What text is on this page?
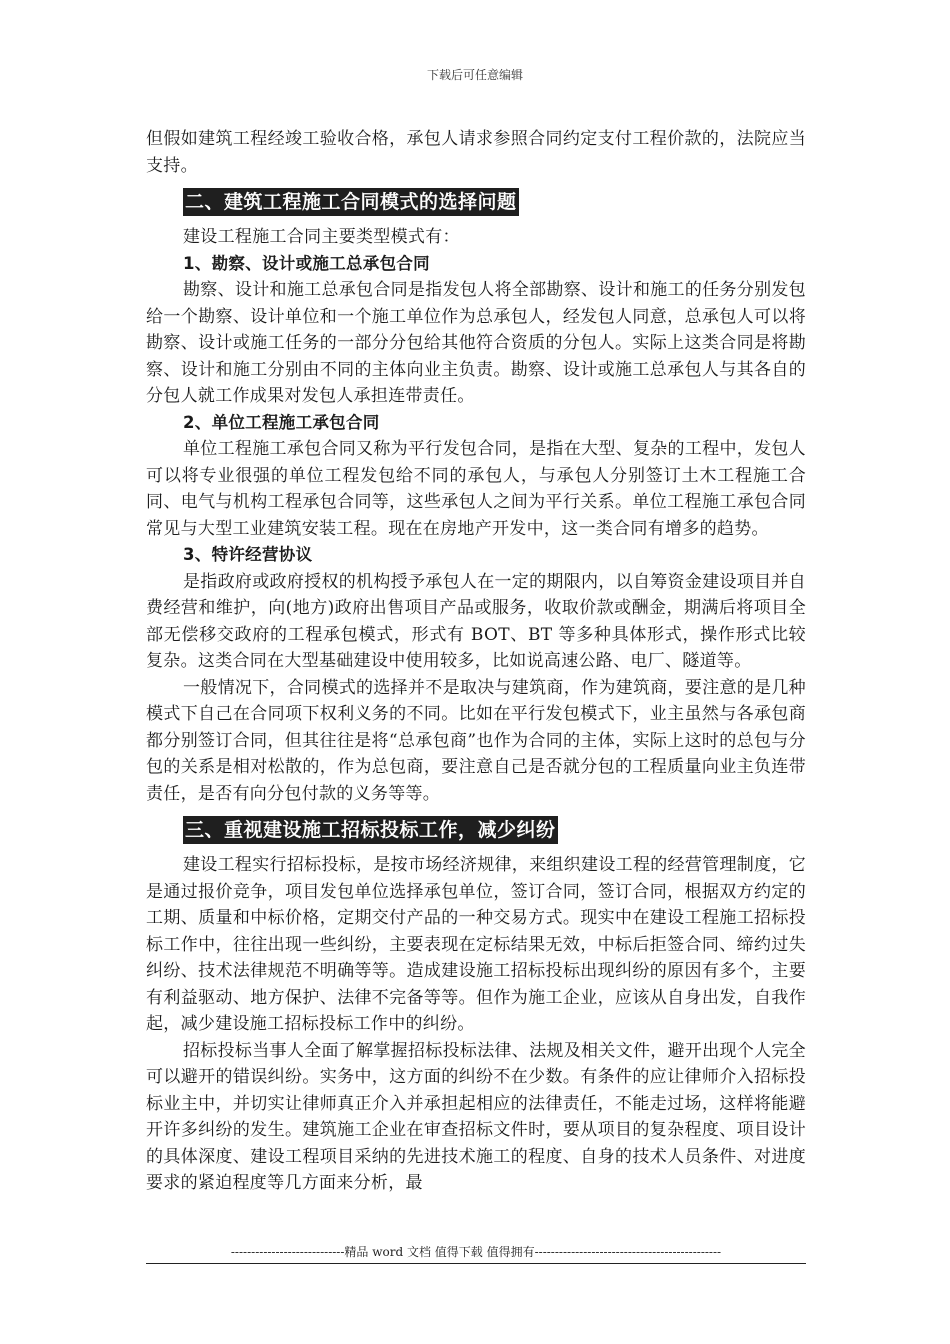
下载后可任意编辑

但假如建筑工程经竣工验收合格，承包人请求参照合同约定支付工程价款的，法院应当支持。

二、建筑工程施工合同模式的选择问题

建设工程施工合同主要类型模式有：

1、勘察、设计或施工总承包合同

勘察、设计和施工总承包合同是指发包人将全部勘察、设计和施工的任务分别发包给一个勘察、设计单位和一个施工单位作为总承包人，经发包人同意，总承包人可以将勘察、设计或施工任务的一部分分包给其他符合资质的分包人。实际上这类合同是将勘察、设计和施工分别由不同的主体向业主负责。勘察、设计或施工总承包人与其各自的分包人就工作成果对发包人承担连带责任。

2、单位工程施工承包合同

单位工程施工承包合同又称为平行发包合同，是指在大型、复杂的工程中，发包人可以将专业很强的单位工程发包给不同的承包人，与承包人分别签订土木工程施工合同、电气与机构工程承包合同等，这些承包人之间为平行关系。单位工程施工承包合同常见与大型工业建筑安装工程。现在在房地产开发中，这一类合同有增多的趋势。

3、特许经营协议

是指政府或政府授权的机构授予承包人在一定的期限内，以自筹资金建设项目并自费经营和维护，向(地方)政府出售项目产品或服务，收取价款或酬金，期满后将项目全部无偿移交政府的工程承包模式，形式有 BOT、BT 等多种具体形式，操作形式比较复杂。这类合同在大型基础建设中使用较多，比如说高速公路、电厂、隧道等。

一般情况下，合同模式的选择并不是取决与建筑商，作为建筑商，要注意的是几种模式下自己在合同项下权利义务的不同。比如在平行发包模式下，业主虽然与各承包商都分别签订合同，但其往往是将“总承包商”也作为合同的主体，实际上这时的总包与分包的关系是相对松散的，作为总包商，要注意自己是否就分包的工程质量向业主负连带责任，是否有向分包付款的义务等等。

三、重视建设施工招标投标工作，减少纠纷

建设工程实行招标投标，是按市场经济规律，来组织建设工程的经营管理制度，它是通过报价竞争，项目发包单位选择承包单位，签订合同，签订合同，根据双方约定的工期、质量和中标价格，定期交付产品的一种交易方式。现实中在建设工程施工招标投标工作中，往往出现一些纠纷，主要表现在定标结果无效，中标后拒签合同、缔约过失纠纷、技术法律规范不明确等等。造成建设施工招标投标出现纠纷的原因有多个，主要有利益驱动、地方保护、法律不完备等等。但作为施工企业，应该从自身出发，自我作起，减少建设施工招标投标工作中的纠纷。

招标投标当事人全面了解掌握招标投标法律、法规及相关文件，避开出现个人完全可以避开的错误纠纷。实务中，这方面的纠纷不在少数。有条件的应让律师介入招标投标业主中，并切实让律师真正介入并承担起相应的法律责任，不能走过场，这样将能避开许多纠纷的发生。建筑施工企业在审查招标文件时，要从项目的复杂程度、项目设计的具体深度、建设工程项目采纳的先进技术施工的程度、自身的技术人员条件、对进度要求的紧迫程度等几方面来分析，最

----------------------------精品 word 文档 值得下载 值得拥有----------------------------------------------
